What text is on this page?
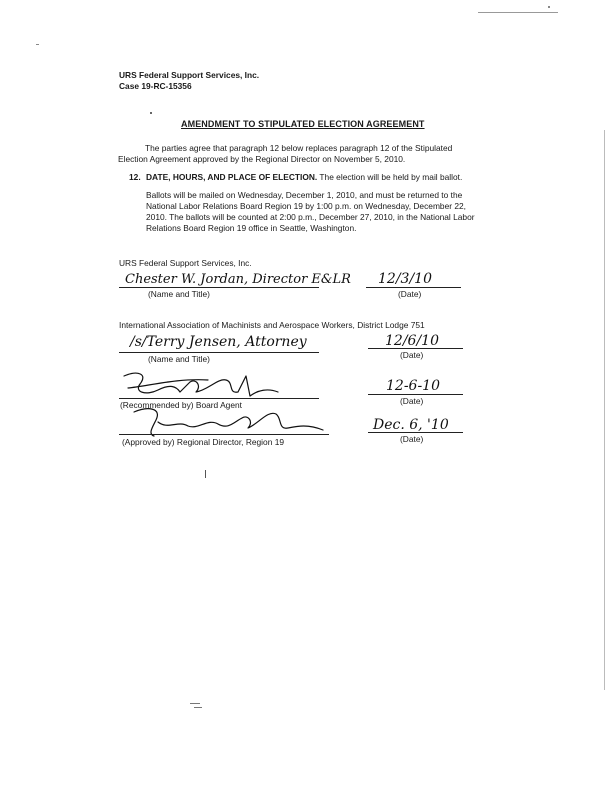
URS Federal Support Services, Inc.
Case 19-RC-15356
AMENDMENT TO STIPULATED ELECTION AGREEMENT
The parties agree that paragraph 12 below replaces paragraph 12 of the Stipulated
Election Agreement approved by the Regional Director on November 5, 2010.
12. DATE, HOURS, AND PLACE OF ELECTION. The election will be held by mail ballot.
Ballots will be mailed on Wednesday, December 1, 2010, and must be returned to the
National Labor Relations Board Region 19 by 1:00 p.m. on Wednesday, December 22,
2010. The ballots will be counted at 2:00 p.m., December 27, 2010, in the National Labor
Relations Board Region 19 office in Seattle, Washington.
URS Federal Support Services, Inc.
Chester W. Jordan, Director E&LR
(Name and Title)
12/3/10
(Date)
International Association of Machinists and Aerospace Workers, District Lodge 751
/s/Terry Jensen, Attorney
(Name and Title)
12/6/10
(Date)
(Recommended by) Board Agent
12-6-10
(Date)
(Approved by) Regional Director, Region 19
Dec. 6, '10
(Date)
